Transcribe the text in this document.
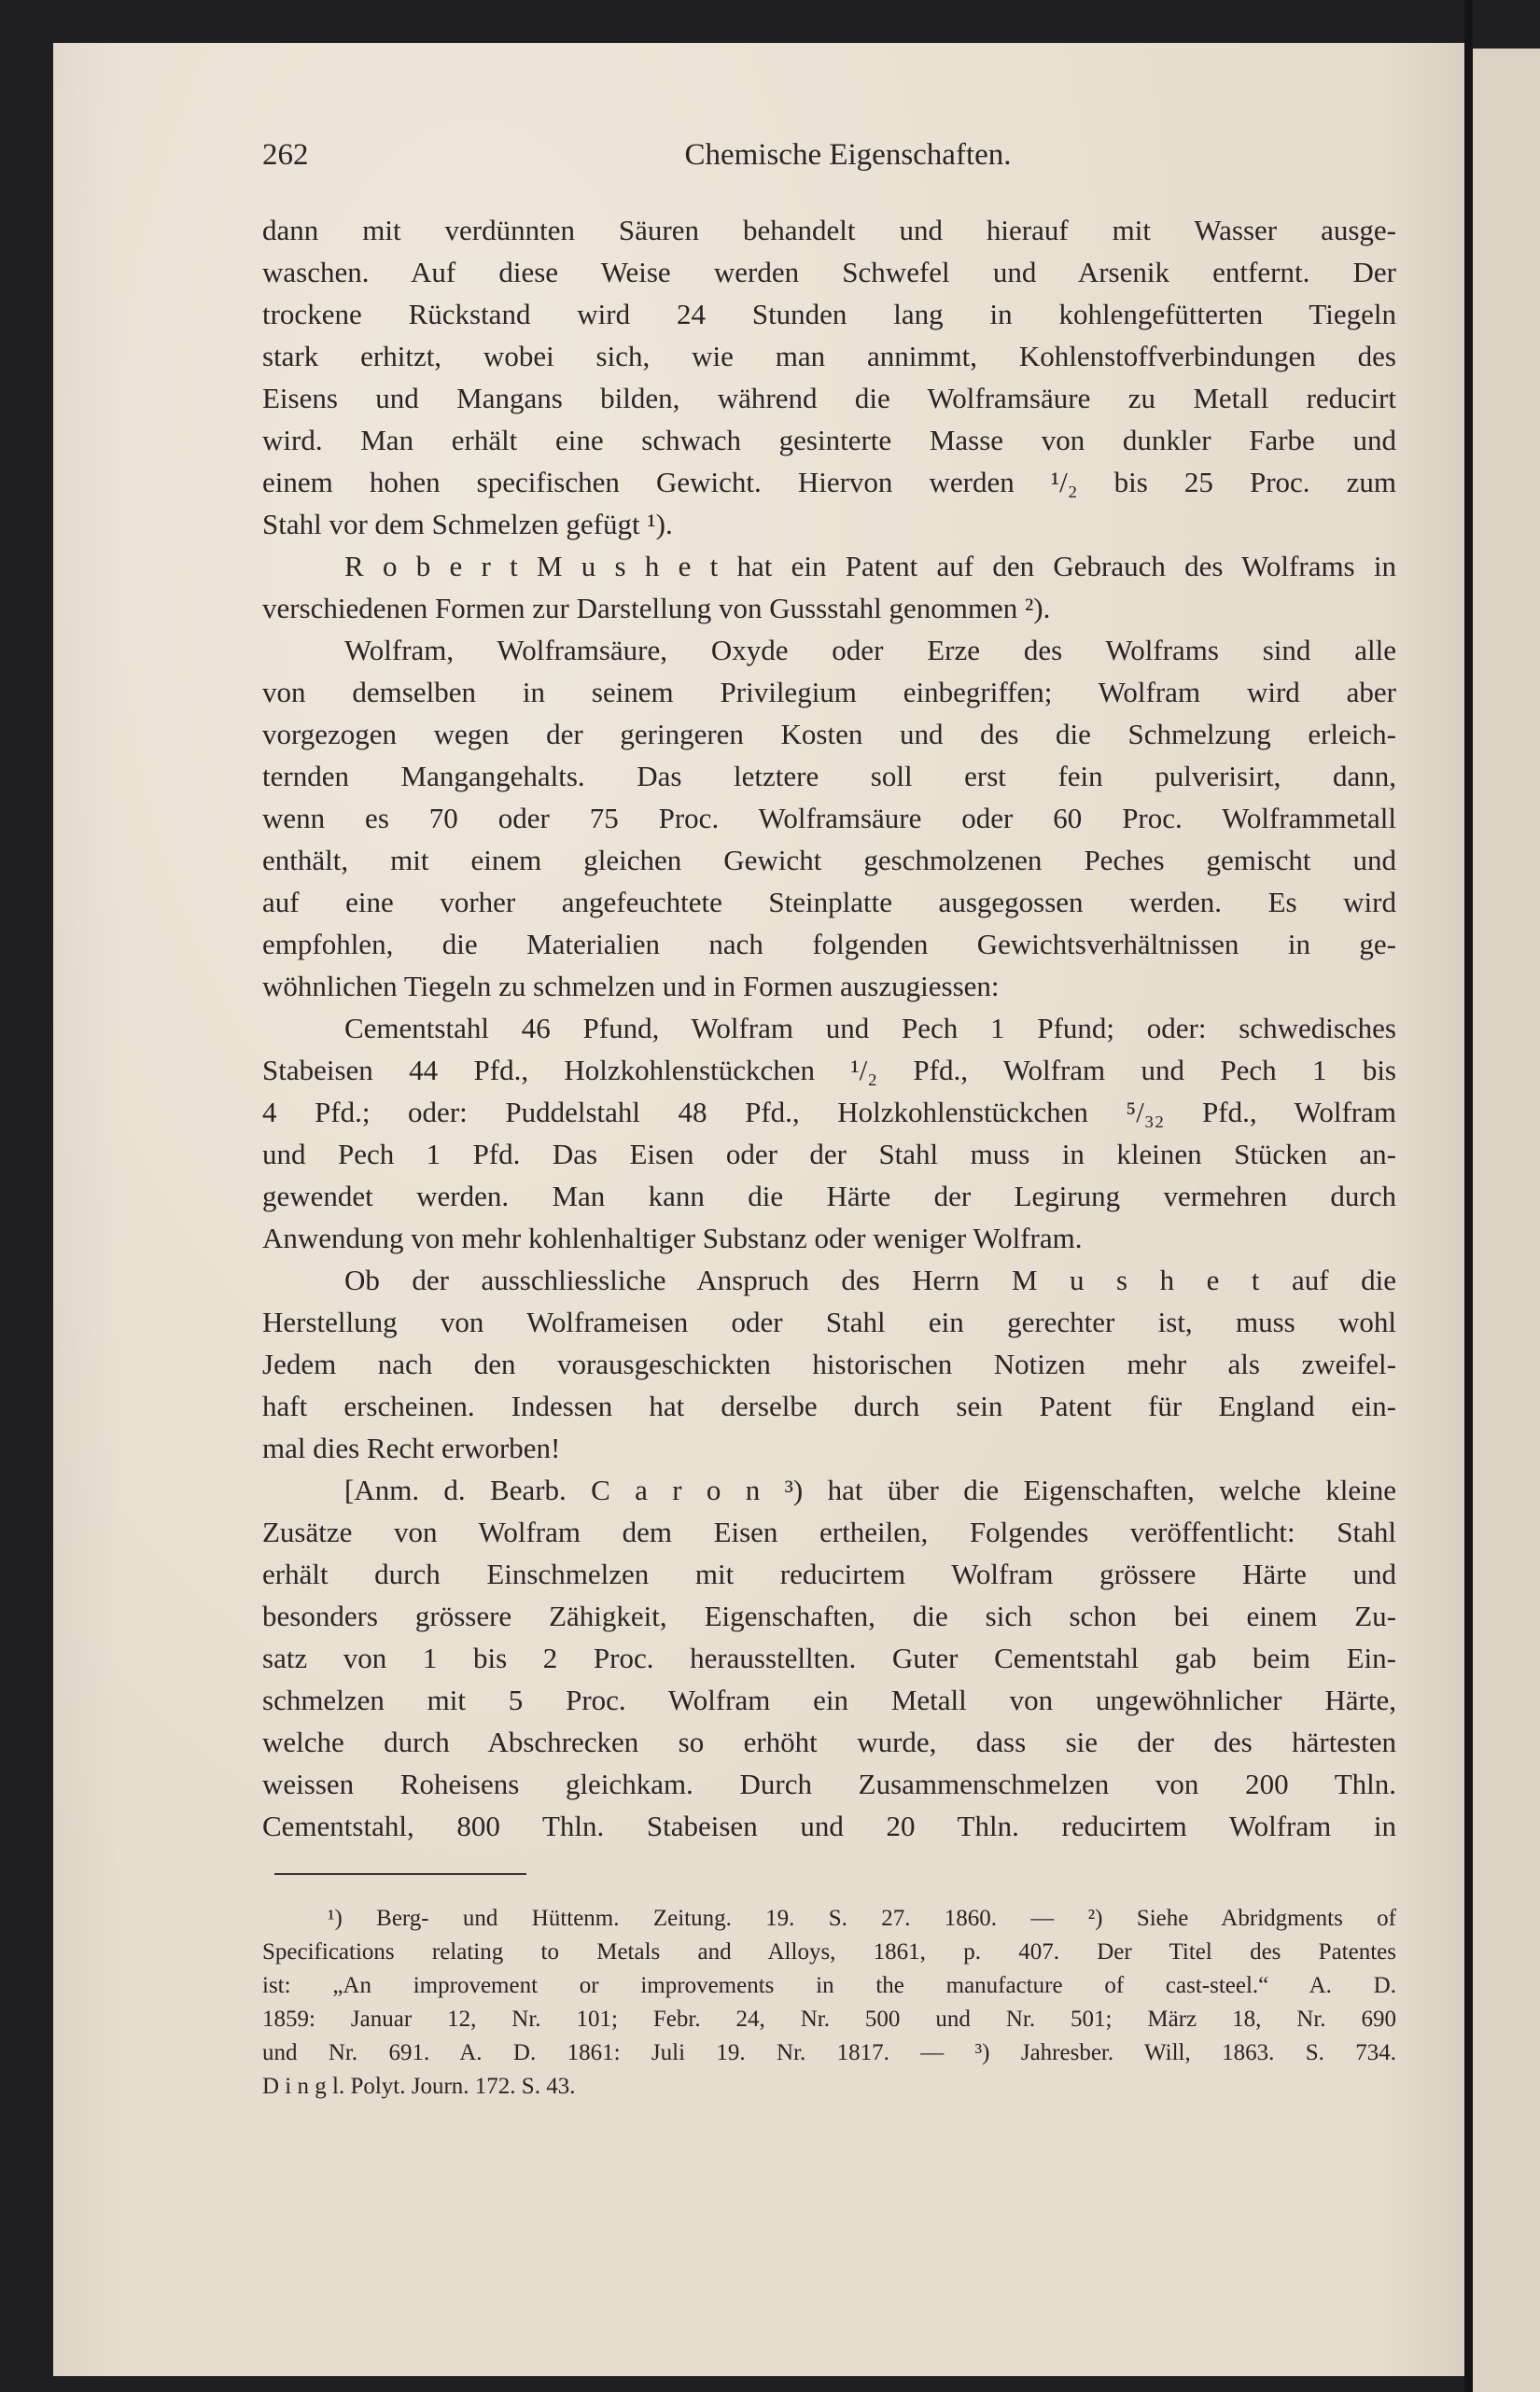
262	Chemische Eigenschaften.
dann mit verdünnten Säuren behandelt und hierauf mit Wasser ausge-
waschen. Auf diese Weise werden Schwefel und Arsenik entfernt. Der
trockene Rückstand wird 24 Stunden lang in kohlengefütterten Tiegeln
stark erhitzt, wobei sich, wie man annimmt, Kohlenstoffverbindungen des
Eisens und Mangans bilden, während die Wolframsäure zu Metall reducirt
wird. Man erhält eine schwach gesinterte Masse von dunkler Farbe und
einem hohen specifischen Gewicht. Hiervon werden ¹/₂ bis 25 Proc. zum
Stahl vor dem Schmelzen gefügt ¹).
R o b e r t M u s h e t hat ein Patent auf den Gebrauch des Wolframs in
verschiedenen Formen zur Darstellung von Gussstahl genommen ²).
Wolfram, Wolframsäure, Oxyde oder Erze des Wolframs sind alle
von demselben in seinem Privilegium einbegriffen; Wolfram wird aber
vorgezogen wegen der geringeren Kosten und des die Schmelzung erleich-
ternden Mangangehalts. Das letztere soll erst fein pulverisirt, dann,
wenn es 70 oder 75 Proc. Wolframsäure oder 60 Proc. Wolframmetall
enthält, mit einem gleichen Gewicht geschmolzenen Peches gemischt und
auf eine vorher angefeuchtete Steinplatte ausgegossen werden. Es wird
empfohlen, die Materialien nach folgenden Gewichtsverhältnissen in ge-
wöhnlichen Tiegeln zu schmelzen und in Formen auszugiessen:
Cementstahl 46 Pfund, Wolfram und Pech 1 Pfund; oder: schwedisches
Stabeisen 44 Pfd., Holzkohlenstückchen ¹/₂ Pfd., Wolfram und Pech 1 bis
4 Pfd.; oder: Puddelstahl 48 Pfd., Holzkohlenstückchen ⁵/₃₂ Pfd., Wolfram
und Pech 1 Pfd. Das Eisen oder der Stahl muss in kleinen Stücken an-
gewendet werden. Man kann die Härte der Legirung vermehren durch
Anwendung von mehr kohlenhaltiger Substanz oder weniger Wolfram.
Ob der ausschliessliche Anspruch des Herrn M u s h e t auf die
Herstellung von Wolframeisen oder Stahl ein gerechter ist, muss wohl
Jedem nach den vorausgeschickten historischen Notizen mehr als zweifel-
haft erscheinen. Indessen hat derselbe durch sein Patent für England ein-
mal dies Recht erworben!
[Anm. d. Bearb. C a r o n ³) hat über die Eigenschaften, welche kleine
Zusätze von Wolfram dem Eisen ertheilen, Folgendes veröffentlicht: Stahl
erhält durch Einschmelzen mit reducirtem Wolfram grössere Härte und
besonders grössere Zähigkeit, Eigenschaften, die sich schon bei einem Zu-
satz von 1 bis 2 Proc. herausstellten. Guter Cementstahl gab beim Ein-
schmelzen mit 5 Proc. Wolfram ein Metall von ungewöhnlicher Härte,
welche durch Abschrecken so erhöht wurde, dass sie der des härtesten
weissen Roheisens gleichkam. Durch Zusammenschmelzen von 200 Thln.
Cementstahl, 800 Thln. Stabeisen und 20 Thln. reducirtem Wolfram in
¹) Berg- und Hüttenm. Zeitung. 19. S. 27. 1860. — ²) Siehe Abridgments of
Specifications relating to Metals and Alloys, 1861, p. 407. Der Titel des Patentes
ist: „An improvement or improvements in the manufacture of cast-steel.“ A. D.
1859: Januar 12, Nr. 101; Febr. 24, Nr. 500 und Nr. 501; März 18, Nr. 690
und Nr. 691. A. D. 1861: Juli 19. Nr. 1817. — ³) Jahresber. Will, 1863. S. 734.
D i n g l. Polyt. Journ. 172. S. 43.
